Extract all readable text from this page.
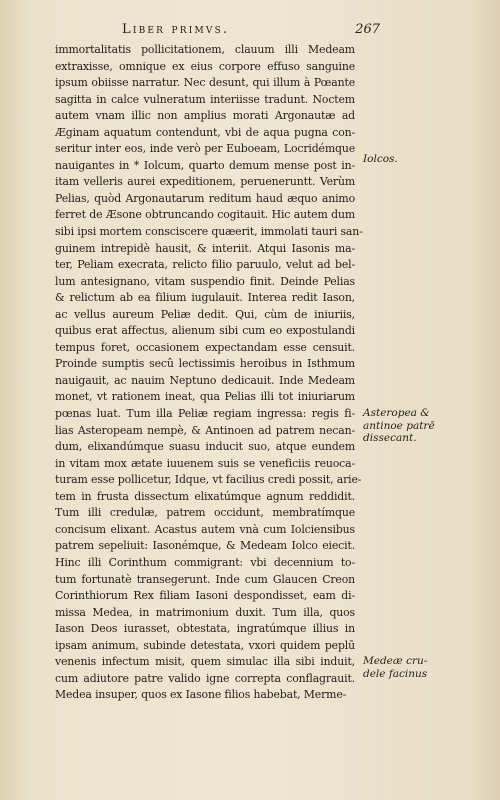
Liber primvs.	267
immortalitatis pollicitationem, clauum illi Medeam
extraxisse, omnique ex eius corpore effuso sanguine
ipsum obiisse narratur. Nec desunt, qui illum à Pœante
sagitta in calce vulneratum interiisse tradunt. Noctem
autem vnam illic non amplius morati Argonautæ ad
Æginam aquatum contendunt, vbi de aqua pugna con-
seritur inter eos, inde verò per Euboeam, Locridémque
nauigantes in * Iolcum, quarto demum mense post in-
itam velleris aurei expeditionem, perueneruntt. Verùm
Pelias, quòd Argonautarum reditum haud æquo animo
ferret de Æsone obtruncando cogitauit. Hic autem dum
sibi ipsi mortem consciscere quæerit, immolati tauri san-
guinem intrepidè hausit, & interiit. Atqui Iasonis ma-
ter, Peliam execrata, relicto filio paruulo, velut ad bel-
lum antesignano, vitam suspendio finit. Deinde Pelias
& relictum ab ea filium iugulauit. Interea redit Iason,
ac vellus aureum Peliæ dedit. Qui, cùm de iniuriis,
quibus erat affectus, alienum sibi cum eo expostulandi
tempus foret, occasionem expectandam esse censuit.
Proinde sumptis secû lectissimis heroibus in Isthmum
nauigauit, ac nauim Neptuno dedicauit. Inde Medeam
monet, vt rationem ineat, qua Pelias illi tot iniuriarum
pœnas luat. Tum illa Peliæ regiam ingressa: regis fi-
lias Asteropeam nempè, & Antinoen ad patrem necan-
dum, elixandúmque suasu inducit suo, atque eundem
in vitam mox ætate iuuenem suis se veneficiis reuoca-
turam esse pollicetur, Idque, vt facilius credi possit, arie-
tem in frusta dissectum elixatúmque agnum reddidit.
Tum illi credulæ, patrem occidunt, membratímque
concisum elixant. Acastus autem vnà cum Iolciensibus
patrem sepeliuit: Iasonémque, & Medeam Iolco eiecit.
Hinc illi Corinthum commigrant: vbi decennium to-
tum fortunatè transegerunt. Inde cum Glaucen Creon
Corinthiorum Rex filiam Iasoni despondisset, eam di-
missa Medea, in matrimonium duxit. Tum illa, quos
Iason Deos iurasset, obtestata, ingratúmque illius in
ipsam animum, subinde detestata, vxori quidem peplū
venenis infectum misit, quem simulac illa sibi induit,
cum adiutore patre valido igne correpta conflagrauit.
Medea insuper, quos ex Iasone filios habebat, Merme-
Iolcos.
Asteropea &
antinoe patrē
dissecant.
Medeæ cru-
dele facinus
